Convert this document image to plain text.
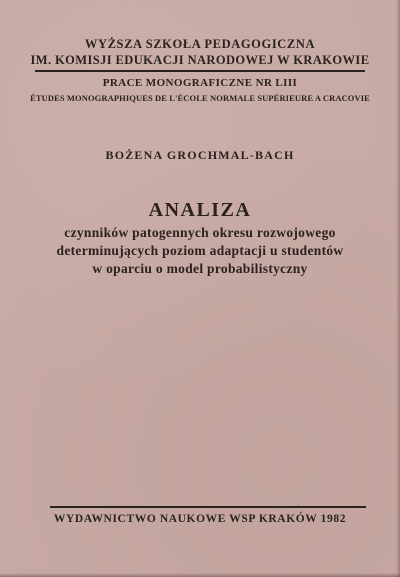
WYŻSZA SZKOŁA PEDAGOGICZNA
IM. KOMISJI EDUKACJI NARODOWEJ W KRAKOWIE
PRACE MONOGRAFICZNE NR LIII
ÉTUDES MONOGRAPHIQUES DE L'ÉCOLE NORMALE SUPÉRIEURE A CRACOVIE
BOŻENA GROCHMAL-BACH
ANALIZA
czynników patogennych okresu rozwojowego
determinujących poziom adaptacji u studentów
w oparciu o model probabilistyczny
WYDAWNICTWO NAUKOWE WSP KRAKÓW 1982
